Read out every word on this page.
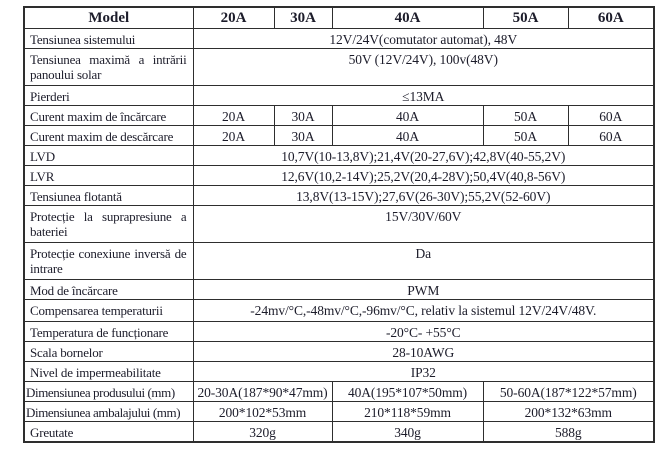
Model	20A	30A	40A	50A	60A
Tensiunea sistemului	12V/24V(comutator automat), 48V				
Tensiunea maximă a intrării panoului solar	50V (12V/24V), 100v(48V)				
Pierderi	≤13MA				
Curent maxim de încărcare	20A	30A	40A	50A	60A
Curent maxim de descărcare	20A	30A	40A	50A	60A
LVD	10,7V(10-13,8V);21,4V(20-27,6V);42,8V(40-55,2V)				
LVR	12,6V(10,2-14V);25,2V(20,4-28V);50,4V(40,8-56V)				
Tensiunea flotantă	13,8V(13-15V);27,6V(26-30V);55,2V(52-60V)				
Protecție la suprapresiune a bateriei	15V/30V/60V				
Protecție conexiune inversă de intrare	Da				
Mod de încărcare	PWM				
Compensarea temperaturii	-24mv/°C,-48mv/°C,-96mv/°C, relativ la sistemul 12V/24V/48V.				
Temperatura de funcționare	-20°C- +55°C				
Scala bornelor	28-10AWG				
Nivel de impermeabilitate	IP32				
Dimensiunea produsului (mm)	20-30A(187*90*47mm)		40A(195*107*50mm)	50-60A(187*122*57mm)	
Dimensiunea ambalajului (mm)	200*102*53mm		210*118*59mm	200*132*63mm	
Greutate	320g		340g	588g	
